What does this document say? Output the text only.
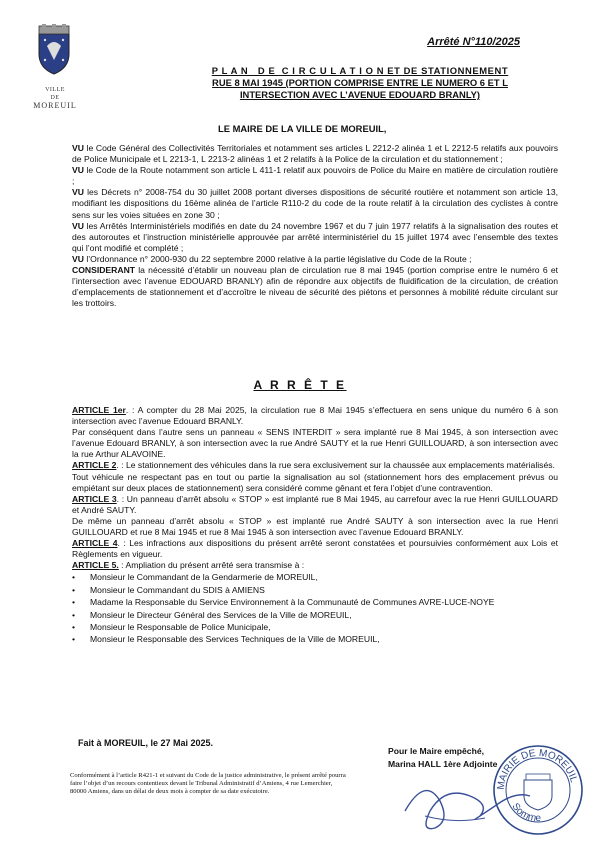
VILLE
DE
MOREUIL
Arrêté N°110/2025
P L A N   D E  C I R C U L A T I O N ET DE STATIONNEMENT
RUE 8 MAI 1945 (PORTION COMPRISE ENTRE LE NUMERO 6 ET L
INTERSECTION AVEC L’AVENUE EDOUARD BRANLY)
LE MAIRE DE LA VILLE DE MOREUIL,

VU le Code Général des Collectivités Territoriales et notamment ses articles L 2212-2 alinéa 1 et L 2212-5 relatifs aux pouvoirs de Police Municipale et L 2213-1, L 2213-2 alinéas 1 et 2 relatifs à la Police de la circulation et du stationnement ;

VU le Code de la Route notamment son article L 411-1 relatif aux pouvoirs de Police du Maire en matière de circulation routière ;

VU les Décrets n° 2008-754 du 30 juillet 2008 portant diverses dispositions de sécurité routière et notamment son article 13, modifiant les dispositions du 16ème alinéa de l’article R110-2 du code de la route relatif à la circulation des cyclistes à contre sens sur les voies situées en zone 30 ;

VU les Arrêtés Interministériels modifiés en date du 24 novembre 1967 et du 7 juin 1977 relatifs à la signalisation des routes et des autoroutes et l’instruction ministérielle approuvée par arrêté interministériel du 15 juillet 1974 avec l’ensemble des textes qui l’ont modifié et complété ;

VU l’Ordonnance n° 2000-930 du 22 septembre 2000 relative à la partie législative du Code de la Route ;

CONSIDERANT la nécessité d’établir un nouveau plan de circulation rue 8 mai 1945 (portion comprise entre le numéro 6 et l’intersection avec l’avenue EDOUARD BRANLY) afin de répondre aux objectifs de fluidification de la circulation, de création d’emplacements de stationnement et d’accroître le niveau de sécurité des piétons et personnes à mobilité réduite circulant sur les trottoirs.

A R R Ê T E

ARTICLE 1er. : A compter du 28 Mai 2025, la circulation rue 8 Mai 1945 s’effectuera en sens unique du numéro 6 à son intersection avec l’avenue Edouard BRANLY.

Par conséquent dans l’autre sens un panneau « SENS INTERDIT » sera implanté rue 8 Mai 1945, à son intersection avec l’avenue Edouard BRANLY, à son intersection avec la rue André SAUTY et la rue Henri GUILLOUARD, à son intersection avec la rue Arthur ALAVOINE.

ARTICLE 2. : Le stationnement des véhicules dans la rue sera exclusivement sur la chaussée aux emplacements matérialisés.

Tout véhicule ne respectant pas en tout ou partie la signalisation au sol (stationnement hors des emplacement prévus ou empiétant sur deux places de stationnement) sera considéré comme gênant et fera l’objet d’une contravention.

ARTICLE 3. : Un panneau d’arrêt absolu « STOP » est implanté rue 8 Mai 1945, au carrefour avec la rue Henri GUILLOUARD et André SAUTY.

De même un panneau d’arrêt absolu « STOP » est implanté rue André SAUTY à son intersection avec la rue Henri GUILLOUARD et rue 8 Mai 1945 et rue 8 Mai 1945 à son intersection avec l’avenue Edouard BRANLY.

ARTICLE 4. : Les infractions aux dispositions du présent arrêté seront constatées et poursuivies conformément aux Lois et Règlements en vigueur.

ARTICLE 5. : Ampliation du présent arrêté sera transmise à :

• Monsieur le Commandant de la Gendarmerie de MOREUIL,
• Monsieur le Commandant du SDIS à AMIENS
• Madame la Responsable du Service Environnement à la Communauté de Communes AVRE-LUCE-NOYE
• Monsieur le Directeur Général des Services de la Ville de MOREUIL,
• Monsieur le Responsable de Police Municipale,
• Monsieur le Responsable des Services Techniques de la Ville de MOREUIL,
Fait à MOREUIL, le 27 Mai 2025.
Pour le Maire empêché,
Marina HALL 1ère Adjointe
Conformément à l’article R421-1 et suivant du Code de la justice administrative, le présent arrêté pourra faire l’objet d’un recours contentieux devant le Tribunal Administratif d’Amiens, 4 rue Lemerchier, 80000 Amiens, dans un délai de deux mois à compter de sa date exécutoire.
MAIRIE DE MOREUIL
Somme
